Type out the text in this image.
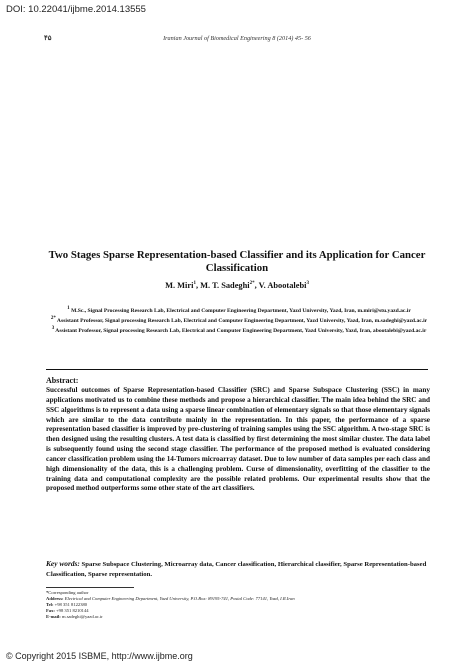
DOI: 10.22041/ijbme.2014.13555
۴۵	Iranian Journal of Biomedical Engineering 8 (2014) 45- 56
Two Stages Sparse Representation-based Classifier and its Application for Cancer Classification
M. Miri$^1$, M. T. Sadeghi$^{2*}$, V. Abootalebi$^3$

$^1$ M.Sc., Signal Processing Research Lab, Electrical and Computer Engineering Department, Yazd University, Yazd, Iran, m.miri@stu.yazd.ac.ir

$^{2*}$ Assistant Professor, Signal processing Research Lab, Electrical and Computer Engineering Department, Yazd University, Yazd, Iran, m.sadeghi@yazd.ac.ir

$^3$ Assistant Professor, Signal processing Research Lab, Electrical and Computer Engineering Department, Yazd University, Yazd, Iran, abootalebi@yazd.ac.ir

Abstract:

Successful outcomes of Sparse Representation-based Classifier (SRC) and Sparse Subspace Clustering (SSC) in many applications motivated us to combine these methods and propose a hierarchical classifier. The main idea behind the SRC and SSC algorithms is to represent a data using a sparse linear combination of elementary signals so that those elementary signals which are similar to the data contribute mainly in the representation. In this paper, the performance of a sparse representation based classifier is improved by pre-clustering of training samples using the SSC algorithm. A two-stage SRC is then designed using the resulting clusters. A test data is classified by first determining the most similar cluster. The data label is subsequently found using the second stage classifier. The performance of the proposed method is evaluated considering cancer classification problem using the 14-Tumors microarray dataset. Due to low number of data samples per each class and high dimensionality of the data, this is a challenging problem. Curse of dimensionality, overfitting of the classifier to the training data and computational complexity are the possible related problems. Our experimental results show that the proposed method outperforms some other state of the art classifiers.

Key words: Sparse Subspace Clustering, Microarray data, Cancer classification, Hierarchical classifier, Sparse Representation-based Classification, Sparse representation.

*Corresponding author
Address: Electrical and Computer Engineering Department, Yazd University, P.O.Box: 89195-741, Postal Code: 77141, Yazd, I.R.Iran
Tel: +98 351 8122380
Fax: +98 351 8210144
E-mail: m.sadeghi@yazd.ac.ir
© Copyright 2015 ISBME, http://www.ijbme.org
